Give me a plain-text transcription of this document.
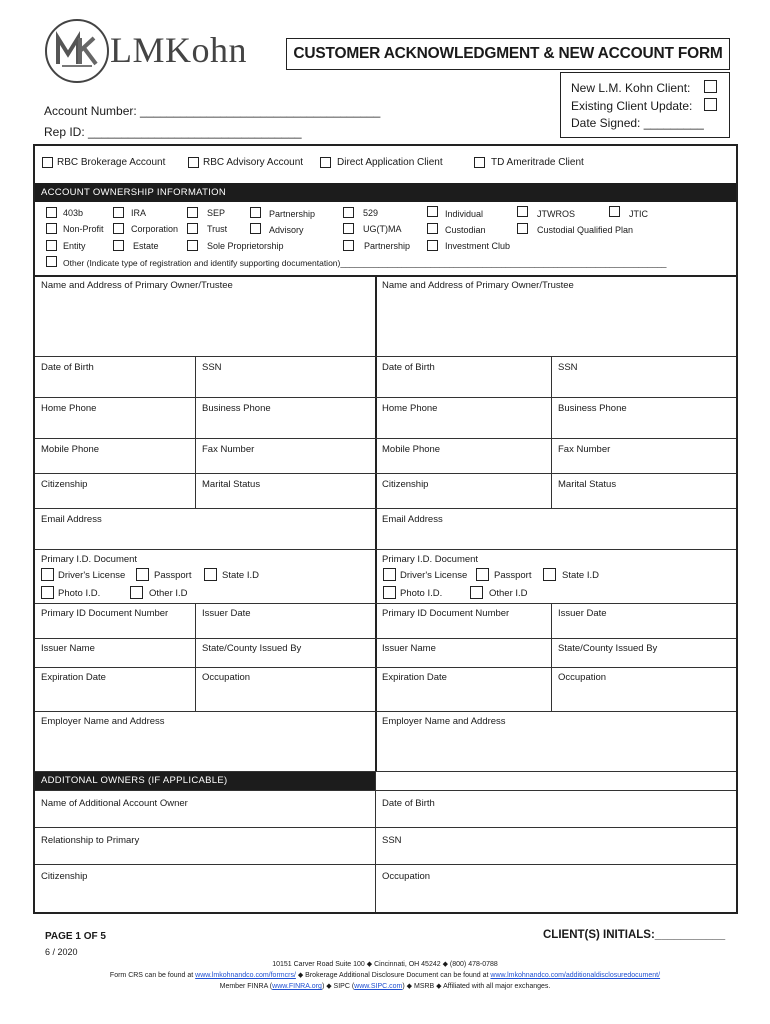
LMKohn	CUSTOMER ACKNOWLEDGMENT & NEW ACCOUNT FORM
New L.M. Kohn Client:
Existing Client Update:
Date Signed: _________
Account Number: ____________________________________
Rep ID: ________________________________
RBC Brokerage Account	RBC Advisory Account	Direct Application Client	TD Ameritrade Client
ACCOUNT OWNERSHIP INFORMATION
403b
Non-Profit
Entity
IRA
Corporation
Estate
SEP
Trust
Sole Proprietorship
Partnership
Advisory
529
UG(T)MA
Partnership
Individual
Custodian
Investment Club
JTWROS
Custodial Qualified Plan
JTIC
Other (Indicate type of registration and identify supporting documentation)_____________________________________________________________________
Name and Address of Primary Owner/Trustee
Date of Birth	SSN
Home Phone	Business Phone
Mobile Phone	Fax Number
Citizenship	Marital Status
Email Address
Primary I.D. Document
Driver's License	Passport	State I.D
Photo I.D.	Other I.D
Primary ID Document Number	Issuer Date
Issuer Name	State/County Issued By
Expiration Date	Occupation
Employer Name and Address
Name and Address of Primary Owner/Trustee
Date of Birth	SSN
Home Phone	Business Phone
Mobile Phone	Fax Number
Citizenship	Marital Status
Email Address
Primary I.D. Document
Driver's License	Passport	State I.D
Photo I.D.	Other I.D
Primary ID Document Number	Issuer Date
Issuer Name	State/County Issued By
Expiration Date	Occupation
Employer Name and Address
ADDITONAL OWNERS (IF APPLICABLE)
Name of Additional Account Owner	Date of Birth
Relationship to Primary	SSN
Citizenship	Occupation
PAGE 1 OF 5
6 / 2020
CLIENT(S) INITIALS:___________
10151 Carver Road Suite 100 ◆ Cincinnati, OH 45242 ◆ (800) 478-0788
Form CRS can be found at www.lmkohnandco.com/formcrs/ ◆ Brokerage Additional Disclosure Document can be found at www.lmkohnandco.com/additionaldisclosuredocument/
Member FINRA (www.FINRA.org) ◆ SIPC (www.SIPC.com) ◆ MSRB ◆ Affiliated with all major exchanges.
